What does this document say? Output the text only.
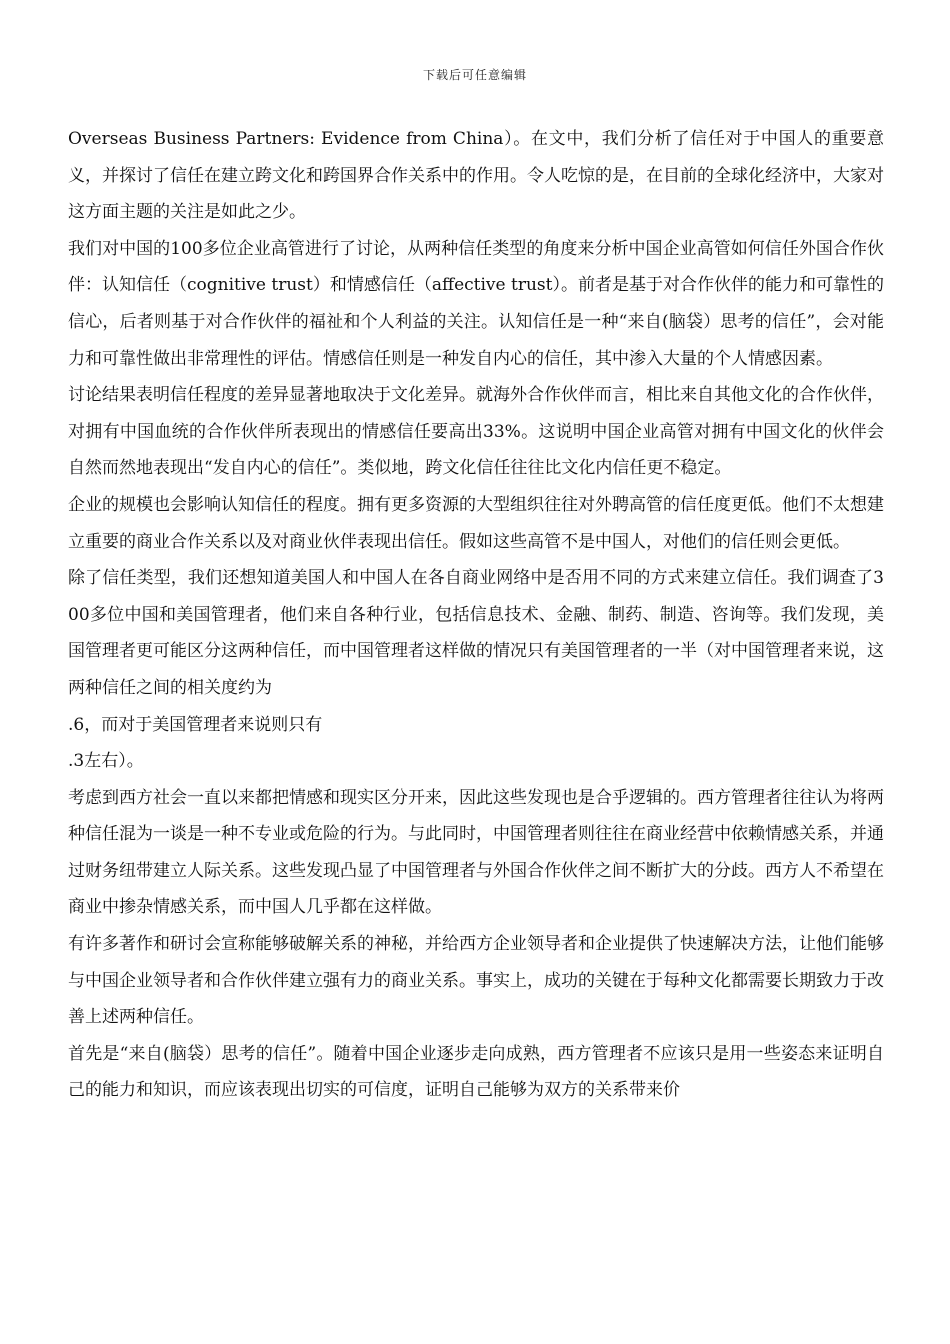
下载后可任意编辑

Overseas Business Partners: Evidence from China）。在文中，我们分析了信任对于中国人的重要意义，并探讨了信任在建立跨文化和跨国界合作关系中的作用。令人吃惊的是，在目前的全球化经济中，大家对这方面主题的关注是如此之少。

我们对中国的100多位企业高管进行了讨论，从两种信任类型的角度来分析中国企业高管如何信任外国合作伙伴：认知信任（cognitive trust）和情感信任（affective trust）。前者是基于对合作伙伴的能力和可靠性的信心，后者则基于对合作伙伴的福祉和个人利益的关注。认知信任是一种“来自(脑袋）思考的信任”，会对能力和可靠性做出非常理性的评估。情感信任则是一种发自内心的信任，其中渗入大量的个人情感因素。

讨论结果表明信任程度的差异显著地取决于文化差异。就海外合作伙伴而言，相比来自其他文化的合作伙伴，对拥有中国血统的合作伙伴所表现出的情感信任要高出33%。这说明中国企业高管对拥有中国文化的伙伴会自然而然地表现出“发自内心的信任”。类似地，跨文化信任往往比文化内信任更不稳定。

企业的规模也会影响认知信任的程度。拥有更多资源的大型组织往往对外聘高管的信任度更低。他们不太想建立重要的商业合作关系以及对商业伙伴表现出信任。假如这些高管不是中国人，对他们的信任则会更低。

除了信任类型，我们还想知道美国人和中国人在各自商业网络中是否用不同的方式来建立信任。我们调查了300多位中国和美国管理者，他们来自各种行业，包括信息技术、金融、制药、制造、咨询等。我们发现，美国管理者更可能区分这两种信任，而中国管理者这样做的情况只有美国管理者的一半（对中国管理者来说，这两种信任之间的相关度约为

.6，而对于美国管理者来说则只有

.3左右）。

考虑到西方社会一直以来都把情感和现实区分开来，因此这些发现也是合乎逻辑的。西方管理者往往认为将两种信任混为一谈是一种不专业或危险的行为。与此同时，中国管理者则往往在商业经营中依赖情感关系，并通过财务纽带建立人际关系。这些发现凸显了中国管理者与外国合作伙伴之间不断扩大的分歧。西方人不希望在商业中掺杂情感关系，而中国人几乎都在这样做。

有许多著作和研讨会宣称能够破解关系的神秘，并给西方企业领导者和企业提供了快速解决方法，让他们能够与中国企业领导者和合作伙伴建立强有力的商业关系。事实上，成功的关键在于每种文化都需要长期致力于改善上述两种信任。

首先是“来自(脑袋）思考的信任”。随着中国企业逐步走向成熟，西方管理者不应该只是用一些姿态来证明自己的能力和知识，而应该表现出切实的可信度，证明自己能够为双方的关系带来价
